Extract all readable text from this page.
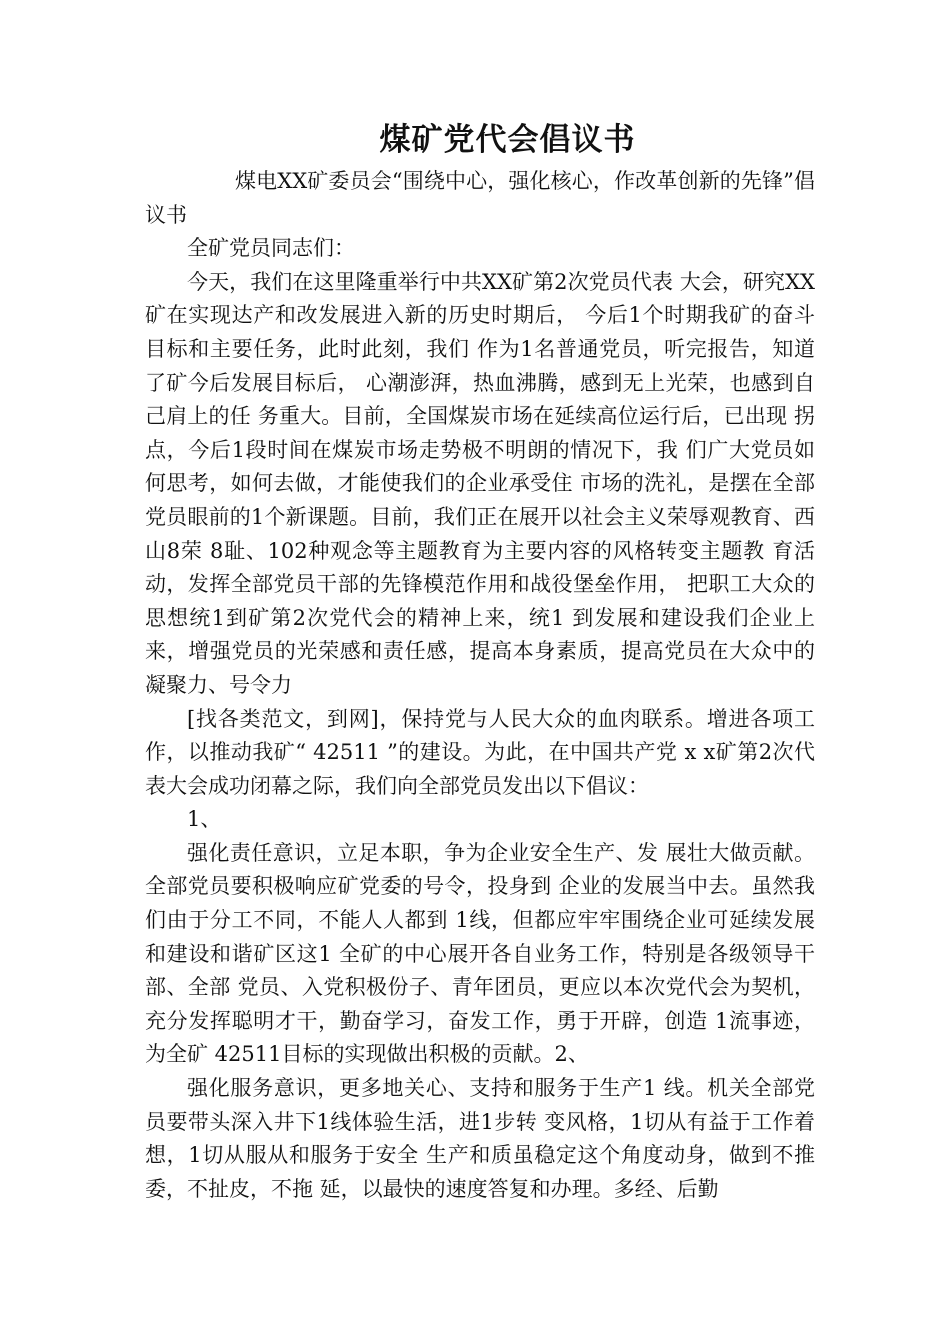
煤矿党代会倡议书

煤电XX矿委员会“围绕中心，强化核心，作改革创新的先锋”倡议书

全矿党员同志们：

今天，我们在这里隆重举行中共XX矿第2次党员代表 大会，研究XX矿在实现达产和改发展进入新的历史时期后， 今后1个时期我矿的奋斗目标和主要任务，此时此刻，我们 作为1名普通党员，听完报告，知道了矿今后发展目标后， 心潮澎湃，热血沸腾，感到无上光荣，也感到自己肩上的任 务重大。目前，全国煤炭市场在延续高位运行后，已出现 拐点，今后1段时间在煤炭市场走势极不明朗的情况下，我 们广大党员如何思考，如何去做，才能使我们的企业承受住 市场的洗礼，是摆在全部党员眼前的1个新课题。目前，我们正在展开以社会主义荣辱观教育、西山8荣 8耻、102种观念等主题教育为主要内容的风格转变主题教 育活动，发挥全部党员干部的先锋模范作用和战役堡垒作用， 把职工大众的思想统1到矿第2次党代会的精神上来，统1 到发展和建设我们企业上来，增强党员的光荣感和责任感，提高本身素质，提高党员在大众中的凝聚力、号令力

[找各类范文，到网]，保持党与人民大众的血肉联系。增进各项工作，以推动我矿“ 42511 ”的建设。为此，在中国共产党 x x矿第2次代表大会成功闭幕之际，我们向全部党员发出以下倡议：

1、

强化责任意识，立足本职，争为企业安全生产、发 展壮大做贡献。全部党员要积极响应矿党委的号令，投身到 企业的发展当中去。虽然我们由于分工不同，不能人人都到 1线，但都应牢牢围绕企业可延续发展和建设和谐矿区这1 全矿的中心展开各自业务工作，特别是各级领导干部、全部 党员、入党积极份子、青年团员，更应以本次党代会为契机， 充分发挥聪明才干，勤奋学习，奋发工作，勇于开辟，创造 1流事迹，为全矿 42511目标的实现做出积极的贡献。2、

强化服务意识，更多地关心、支持和服务于生产1 线。机关全部党员要带头深入井下1线体验生活，进1步转 变风格，1切从有益于工作着想，1切从服从和服务于安全 生产和质虽稳定这个角度动身，做到不推委，不扯皮，不拖 延，以最快的速度答复和办理。多经、后勤
